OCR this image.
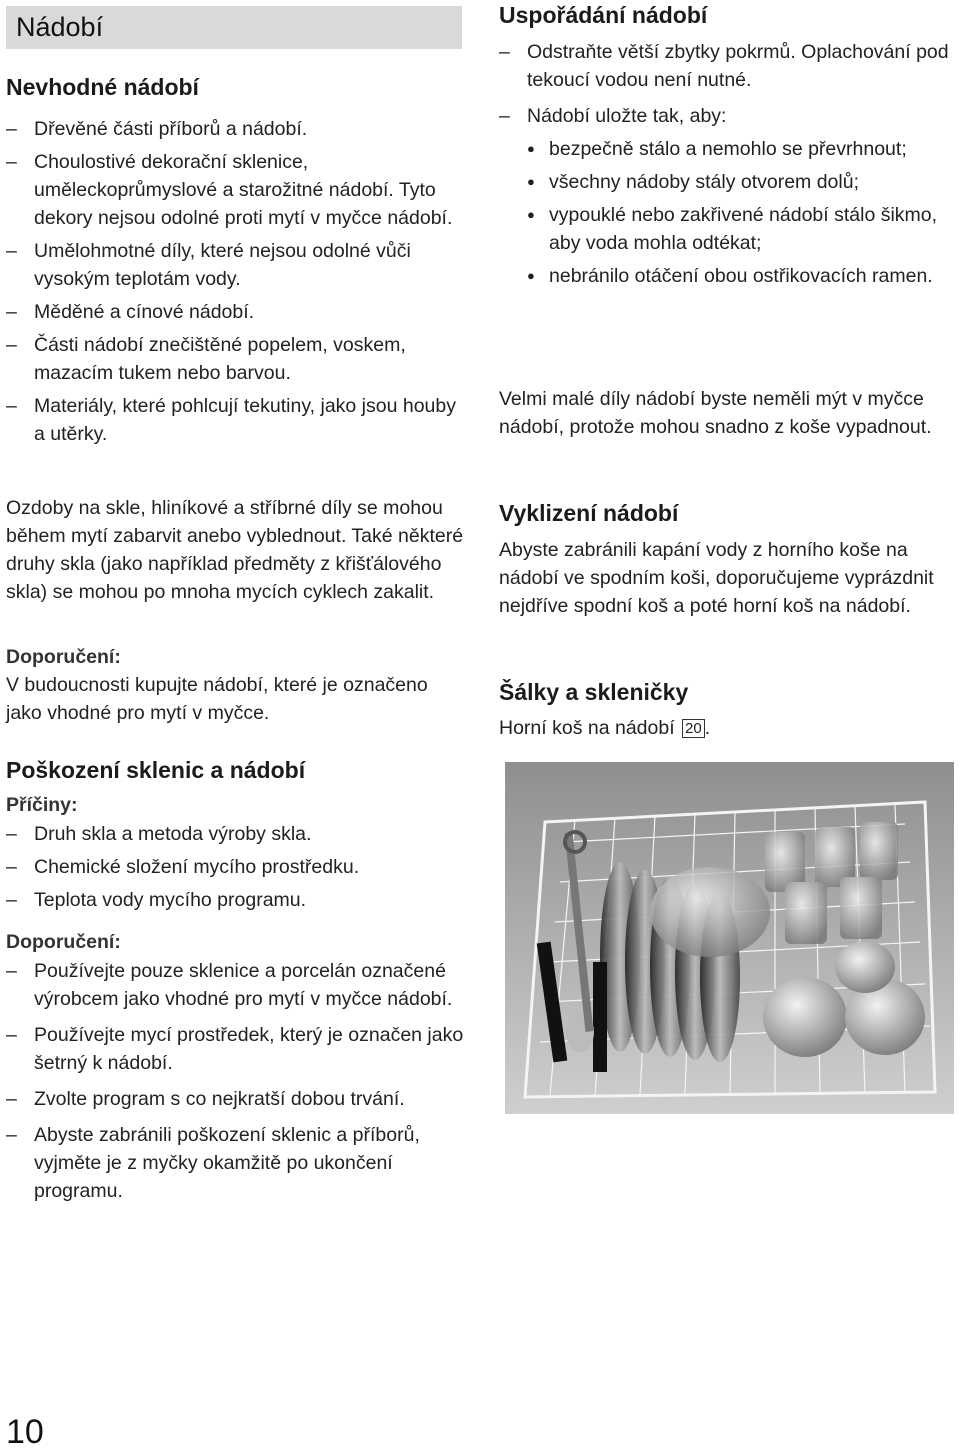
Nádobí
Nevhodné nádobí
– Dřevěné části příborů a nádobí.
– Choulostivé dekorační sklenice, uměleckoprůmyslové a starožitné nádobí. Tyto dekory nejsou odolné proti mytí v myčce nádobí.
– Umělohmotné díly, které nejsou odolné vůči vysokým teplotám vody.
– Měděné a cínové nádobí.
– Části nádobí znečištěné popelem, voskem, mazacím tukem nebo barvou.
– Materiály, které pohlcují tekutiny, jako jsou houby a utěrky.

Ozdoby na skle, hliníkové a stříbrné díly se mohou během mytí zabarvit anebo vyblednout. Také některé druhy skla (jako například předměty z křišťálového skla) se mohou po mnoha mycích cyklech zakalit.

Doporučení:

V budoucnosti kupujte nádobí, které je označeno jako vhodné pro mytí v myčce.

Poškození sklenic a nádobí
Příčiny:
– Druh skla a metoda výroby skla.
– Chemické složení mycího prostředku.
– Teplota vody mycího programu.
Doporučení:
– Používejte pouze sklenice a porcelán označené výrobcem jako vhodné pro mytí v myčce nádobí.
– Používejte mycí prostředek, který je označen jako šetrný k nádobí.
– Zvolte program s co nejkratší dobou trvání.
– Abyste zabránili poškození sklenic a příborů, vyjměte je z myčky okamžitě po ukončení programu.
Uspořádání nádobí
– Odstraňte větší zbytky pokrmů. Oplachování pod tekoucí vodou není nutné.
– Nádobí uložte tak, aby:
● bezpečně stálo a nemohlo se převrhnout;
● všechny nádoby stály otvorem dolů;
● vypouklé nebo zakřivené nádobí stálo šikmo, aby voda mohla odtékat;
● nebránilo otáčení obou ostřikovacích ramen.

Velmi malé díly nádobí byste neměli mýt v myčce nádobí, protože mohou snadno z koše vypadnout.

Vyklizení nádobí

Abyste zabránili kapání vody z horního koše na nádobí ve spodním koši, doporučujeme vyprázdnit nejdříve spodní koš a poté horní koš na nádobí.

Šálky a skleničky

Horní koš na nádobí 20 .

10
